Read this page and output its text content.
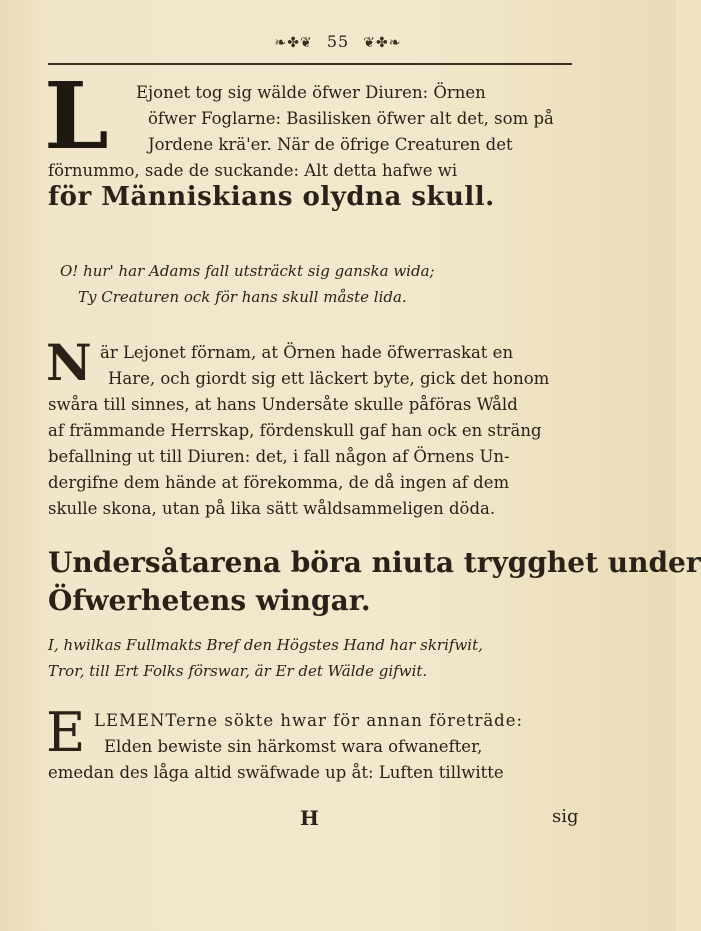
❧✤❦ 55 ❦✤❧
L	Ejonet tog sig wälde öfwer Diuren: Örnen
öfwer Foglarne: Basilisken öfwer alt det, som på
Jordene krä'er. När de öfrige Creaturen det
förnummo, sade de suckande: Alt detta hafwe wi
för Människians olydna skull.
O! hur' har Adams fall utsträckt sig ganska wida;
Ty Creaturen ock för hans skull måste lida.
N är Lejonet förnam, at Örnen hade öfwerraskat en
Hare, och giordt sig ett läckert byte, gick det honom
swåra till sinnes, at hans Undersåte skulle påföras Wåld
af främmande Herrskap, fördenskull gaf han ock en sträng
befallning ut till Diuren: det, i fall någon af Örnens Un-
dergifne dem hände at förekomma, de då ingen af dem
skulle skona, utan på lika sätt wåldsammeligen döda.
Undersåtarena böra niuta trygghet under
Öfwerhetens wingar.
I, hwilkas Fullmakts Bref den Högstes Hand har skrifwit,
Tror, till Ert Folks förswar, är Er det Wälde gifwit.
E LEMENTerne sökte hwar för annan företräde:
Elden bewiste sin härkomst wara ofwanefter,
emedan des låga altid swäfwade up åt: Luften tillwitte
H	sig
